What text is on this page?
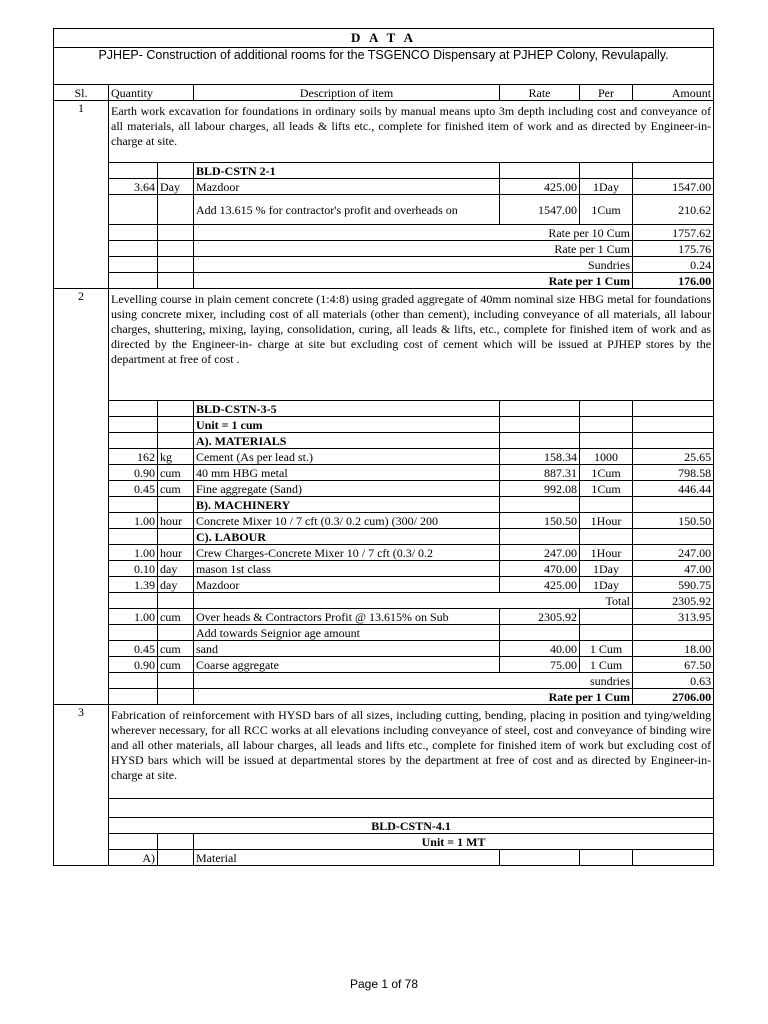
D A T A						
PJHEP- Construction of additional rooms for the TSGENCO Dispensary at PJHEP Colony, Revulapally.						
Sl.	Quantity		Description of item	Rate	Per	Amount
1	Earth work excavation for foundations in ordinary soils by manual means upto 3m depth including cost and conveyance of all materials, all labour charges, all leads & lifts etc., complete for finished item of work and as directed by Engineer-in-charge at site.					
			BLD-CSTN 2-1			
	3.64	Day	Mazdoor	425.00	1Day	1547.00
			Add 13.615 % for contractor's profit and overheads on	1547.00	1Cum	210.62
			Rate per 10 Cum			1757.62
			Rate per 1 Cum			175.76
			Sundries			0.24
			Rate per 1 Cum			176.00
2	Levelling course in plain cement concrete (1:4:8) using graded aggregate of 40mm nominal size HBG metal for foundations using concrete mixer, including cost of all materials (other than cement), including conveyance of all materials, all labour charges, shuttering, mixing, laying, consolidation, curing, all leads & lifts, etc., complete for finished item of work and as directed by the Engineer-in- charge at site but excluding cost of cement which will be issued at PJHEP stores by the department at free of cost .					
			BLD-CSTN-3-5			
			Unit = 1 cum			
			A). MATERIALS			
	162	kg	Cement (As per lead st.)	158.34	1000	25.65
	0.90	cum	40 mm HBG metal	887.31	1Cum	798.58
	0.45	cum	Fine aggregate (Sand)	992.08	1Cum	446.44
			B). MACHINERY			
	1.00	hour	Concrete Mixer 10 / 7 cft (0.3/ 0.2 cum) (300/ 200	150.50	1Hour	150.50
			C). LABOUR			
	1.00	hour	Crew Charges-Concrete Mixer 10 / 7 cft (0.3/ 0.2	247.00	1Hour	247.00
	0.10	day	mason 1st class	470.00	1Day	47.00
	1.39	day	Mazdoor	425.00	1Day	590.75
			Total			2305.92
	1.00	cum	Over heads & Contractors Profit @ 13.615% on Sub	2305.92		313.95
			Add towards Seignior age amount			
	0.45	cum	sand	40.00	1 Cum	18.00
	0.90	cum	Coarse aggregate	75.00	1 Cum	67.50
			sundries			0.63
			Rate per 1 Cum			2706.00
3	Fabrication of reinforcement with HYSD bars of all sizes, including cutting, bending, placing in position and tying/welding wherever necessary, for all RCC works at all elevations including conveyance of steel, cost and conveyance of binding wire and all other materials, all labour charges, all leads and lifts etc., complete for finished item of work but excluding cost of HYSD bars which will be issued at departmental stores by the department at free of cost and as directed by Engineer-in-charge at site.					

	BLD-CSTN-4.1					
			Unit = 1 MT			
	A)		Material			
Page 1 of 78
